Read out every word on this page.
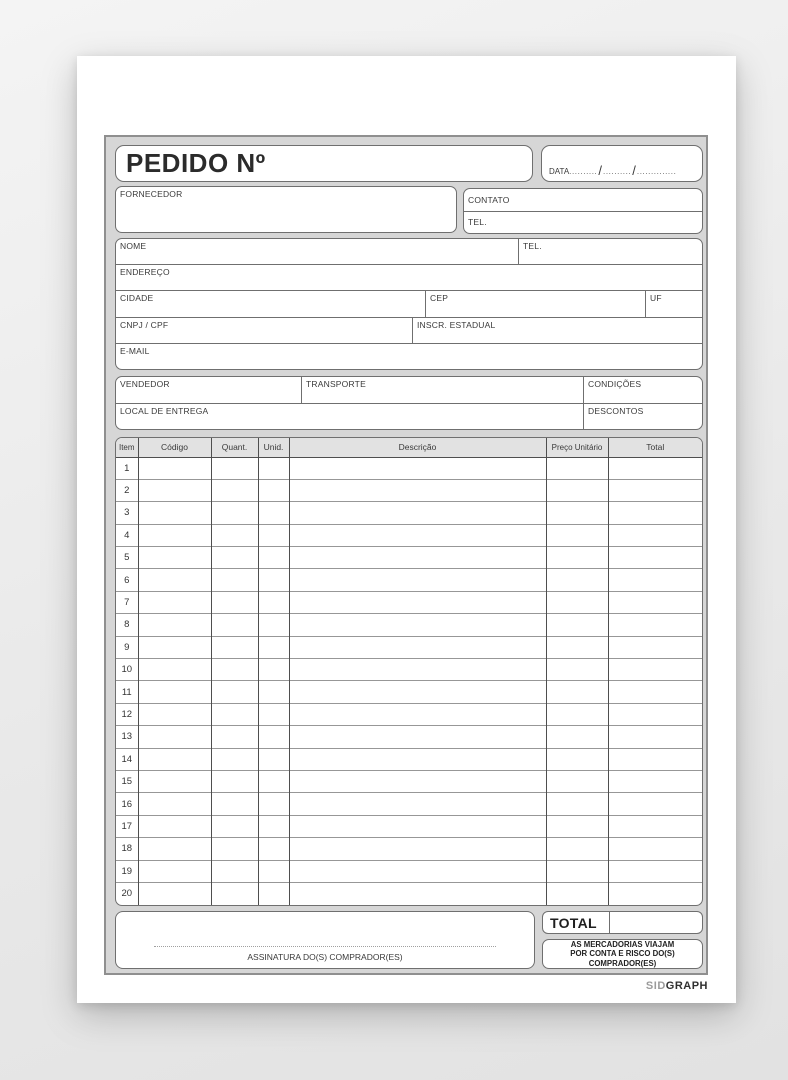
PEDIDO Nº	DATA .......... / .......... / ..............
FORNECEDOR
CONTATO
TEL.
NOME	TEL.
ENDEREÇO
CIDADE	CEP	UF
CNPJ / CPF	INSCR. ESTADUAL
E-MAIL
VENDEDOR	TRANSPORTE	CONDIÇÕES
LOCAL DE ENTREGA	DESCONTOS
Item	Código	Quant.	Unid.	Descrição	Preço Unitário	Total
1						
2						
3						
4						
5						
6						
7						
8						
9						
10						
11						
12						
13						
14						
15						
16						
17						
18						
19						
20						
ASSINATURA DO(S) COMPRADOR(ES)
TOTAL
AS MERCADORIAS VIAJAM
POR CONTA E RISCO DO(S)
COMPRADOR(ES)
SIDGRAPH
